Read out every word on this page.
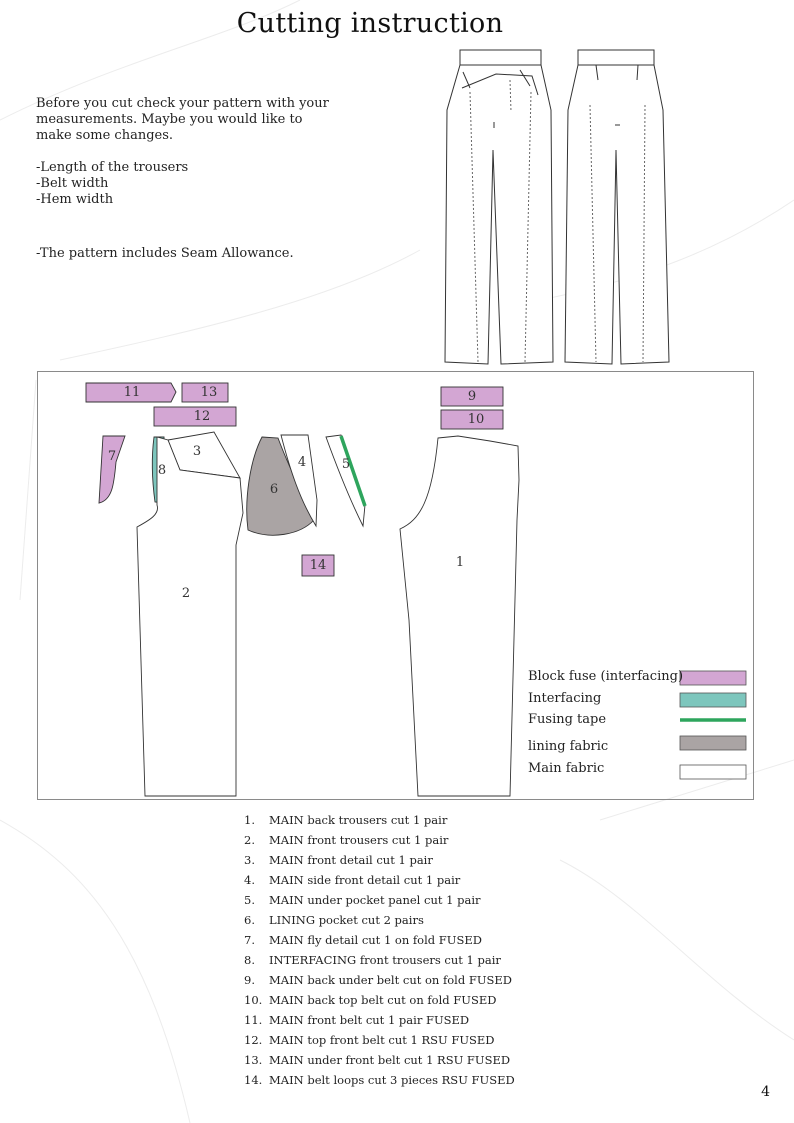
Cutting instruction

Before you cut check your pattern with your measurements. Maybe you would like to make some changes.

-Length of the trousers

-Belt width

-Hem width

-The pattern includes Seam Allowance.

11	13
12
9
10
7
8
3
4	5
6
14	1
2
Block fuse (interfacing)
Interfacing
Fusing tape
lining fabric
Main fabric
1.	MAIN back trousers cut 1 pair
2.	MAIN front trousers cut 1 pair
3.	MAIN front detail cut 1 pair
4.	MAIN side front detail cut 1 pair
5.	MAIN under pocket panel cut 1 pair
6.	LINING pocket cut 2 pairs
7.	MAIN fly detail cut 1 on fold FUSED
8.	INTERFACING front trousers cut 1 pair
9.	MAIN back under belt cut on fold FUSED
10. MAIN back top belt cut on fold FUSED
11. MAIN front belt cut 1 pair FUSED
12. MAIN top front belt cut 1 RSU FUSED
13. MAIN under front belt cut 1 RSU FUSED
14. MAIN belt loops cut 3 pieces RSU FUSED
4
